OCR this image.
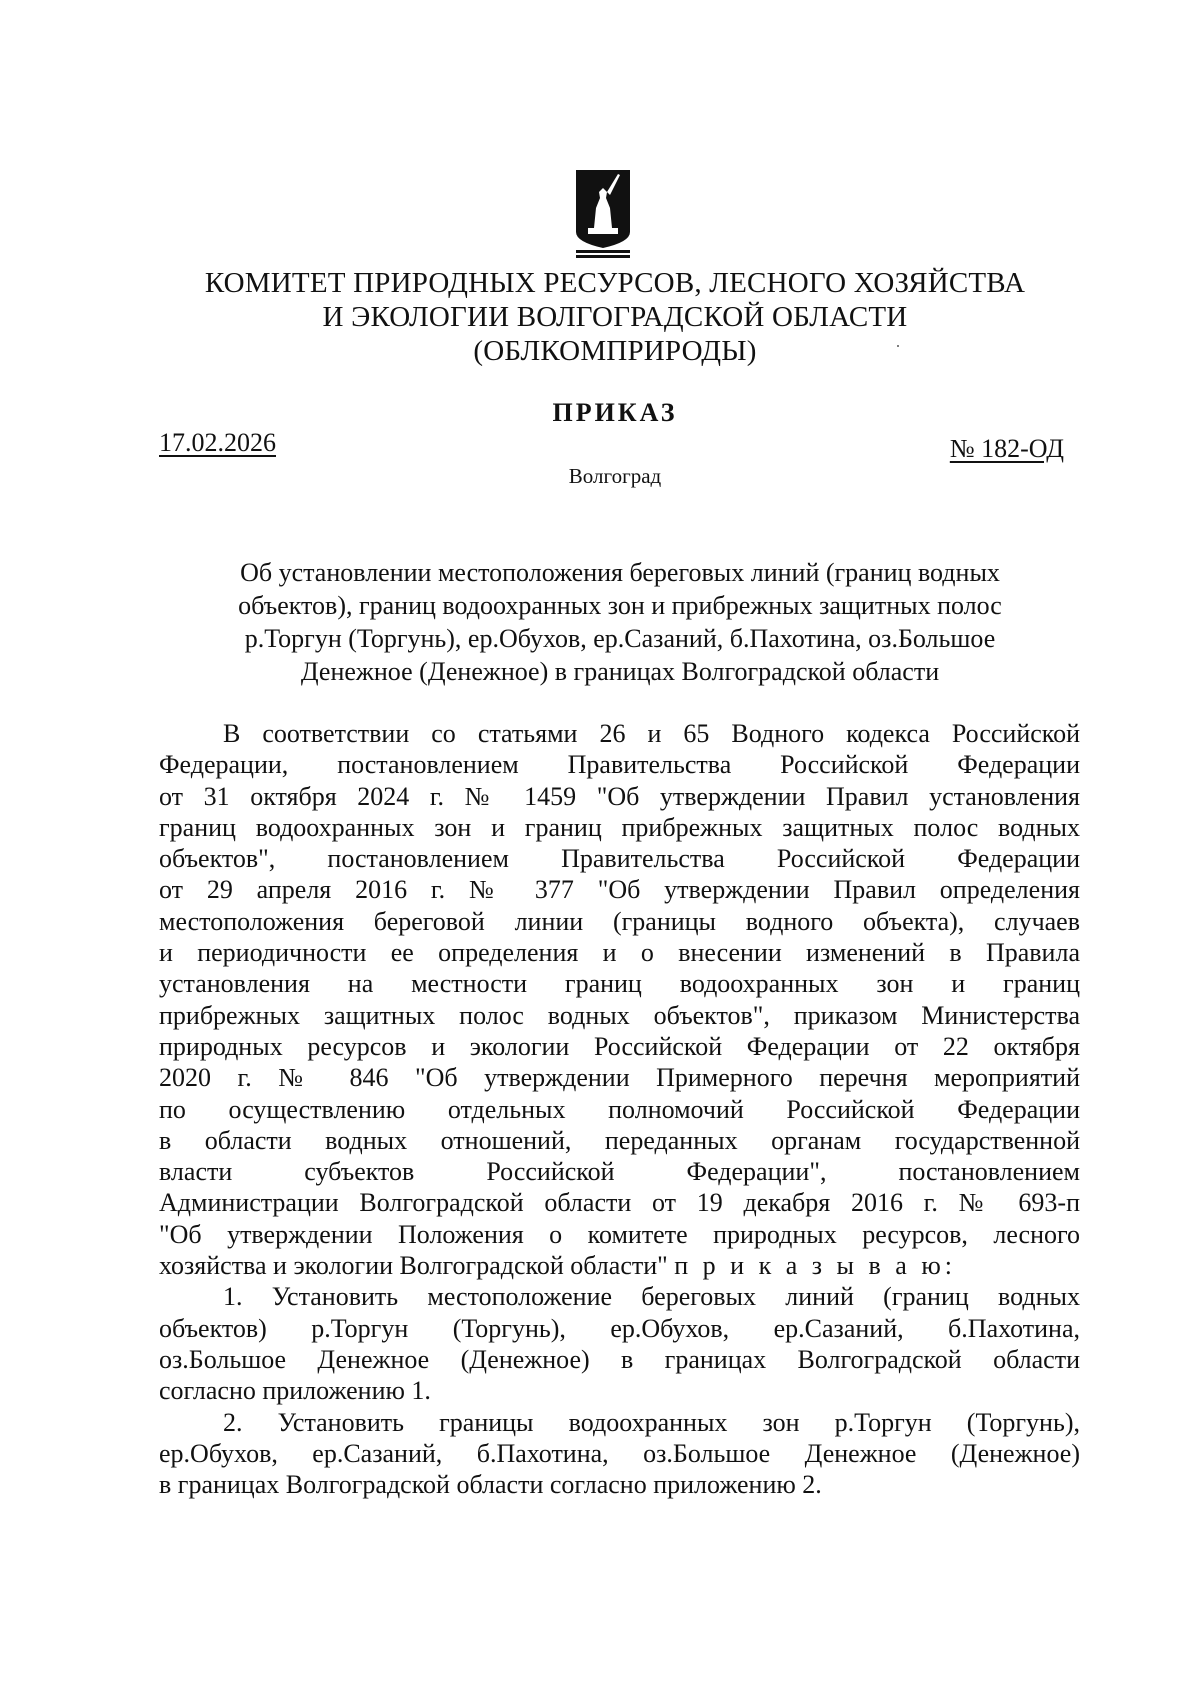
КОМИТЕТ ПРИРОДНЫХ РЕСУРСОВ, ЛЕСНОГО ХОЗЯЙСТВА
И ЭКОЛОГИИ ВОЛГОГРАДСКОЙ ОБЛАСТИ
(ОБЛКОМПРИРОДЫ)
ПРИКАЗ
17.02.2026	№ 182-ОД
Волгоград
Об установлении местоположения береговых линий (границ водных
объектов), границ водоохранных зон и прибрежных защитных полос
р.Торгун (Торгунь), ер.Обухов, ер.Сазаний, б.Пахотина, оз.Большое
Денежное (Денежное) в границах Волгоградской области
В соответствии со статьями 26 и 65 Водного кодекса Российской
Федерации, постановлением Правительства Российской Федерации
от 31 октября 2024 г. № 1459 "Об утверждении Правил установления
границ водоохранных зон и границ прибрежных защитных полос водных
объектов", постановлением Правительства Российской Федерации
от 29 апреля 2016 г. № 377 "Об утверждении Правил определения
местоположения береговой линии (границы водного объекта), случаев
и периодичности ее определения и о внесении изменений в Правила
установления на местности границ водоохранных зон и границ
прибрежных защитных полос водных объектов", приказом Министерства
природных ресурсов и экологии Российской Федерации от 22 октября
2020 г. № 846 "Об утверждении Примерного перечня мероприятий
по осуществлению отдельных полномочий Российской Федерации
в области водных отношений, переданных органам государственной
власти субъектов Российской Федерации", постановлением
Администрации Волгоградской области от 19 декабря 2016 г. № 693-п
"Об утверждении Положения о комитете природных ресурсов, лесного
хозяйства и экологии Волгоградской области" п р и к а з ы в а ю:
1. Установить местоположение береговых линий (границ водных
объектов) р.Торгун (Торгунь), ер.Обухов, ер.Сазаний, б.Пахотина,
оз.Большое Денежное (Денежное) в границах Волгоградской области
согласно приложению 1.
2. Установить границы водоохранных зон р.Торгун (Торгунь),
ер.Обухов, ер.Сазаний, б.Пахотина, оз.Большое Денежное (Денежное)
в границах Волгоградской области согласно приложению 2.
